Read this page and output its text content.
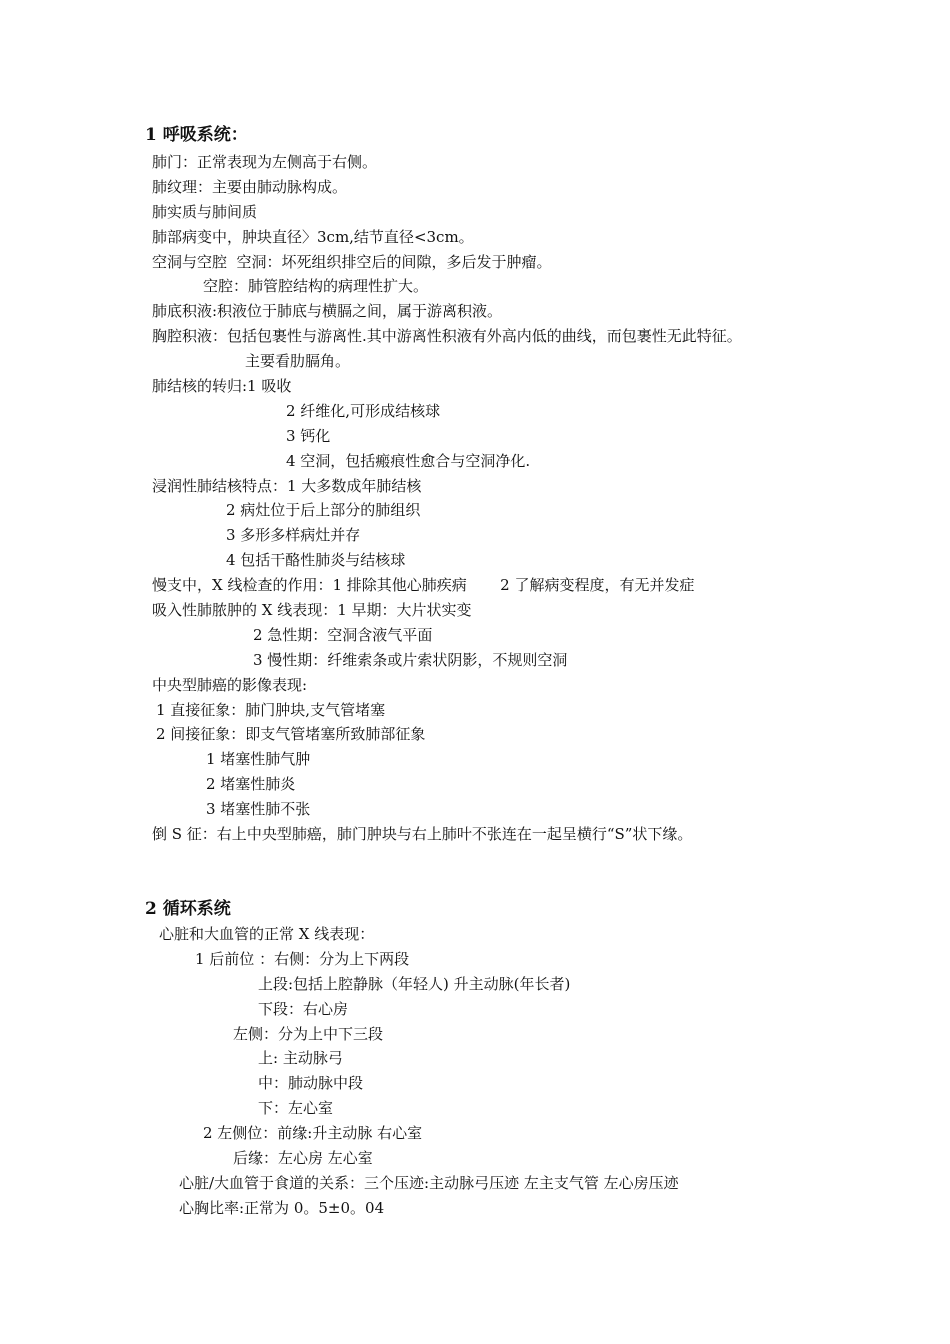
1 呼吸系统：
肺门：正常表现为左侧高于右侧。
肺纹理：主要由肺动脉构成。
肺实质与肺间质
肺部病变中，肿块直径〉3cm,结节直径<3cm。
空洞与空腔  空洞：坏死组织排空后的间隙，多后发于肿瘤。
空腔：肺管腔结构的病理性扩大。
肺底积液:积液位于肺底与横膈之间，属于游离积液。
胸腔积液：包括包裹性与游离性.其中游离性积液有外高内低的曲线，而包裹性无此特征。
主要看肋膈角。
肺结核的转归:1 吸收
2 纤维化,可形成结核球
3 钙化
4 空洞，包括瘢痕性愈合与空洞净化.
浸润性肺结核特点：1 大多数成年肺结核
2 病灶位于后上部分的肺组织
3 多形多样病灶并存
4 包括干酪性肺炎与结核球
慢支中，X 线检查的作用：1 排除其他心肺疾病       2 了解病变程度，有无并发症
吸入性肺脓肿的 X 线表现：1 早期：大片状实变
2 急性期：空洞含液气平面
3 慢性期：纤维索条或片索状阴影，不规则空洞
中央型肺癌的影像表现:
1 直接征象：肺门肿块,支气管堵塞
2 间接征象：即支气管堵塞所致肺部征象
1 堵塞性肺气肿
2 堵塞性肺炎
3 堵塞性肺不张
倒 S 征：右上中央型肺癌，肺门肿块与右上肺叶不张连在一起呈横行“S”状下缘。
2 循环系统
心脏和大血管的正常 X 线表现：
1 后前位 ：右侧：分为上下两段
上段:包括上腔静脉（年轻人) 升主动脉(年长者)
下段：右心房
左侧：分为上中下三段
上: 主动脉弓
中：肺动脉中段
下：左心室
2 左侧位：前缘:升主动脉 右心室
后缘：左心房 左心室
心脏/大血管于食道的关系：三个压迹:主动脉弓压迹 左主支气管 左心房压迹
心胸比率:正常为 0。5±0。04
